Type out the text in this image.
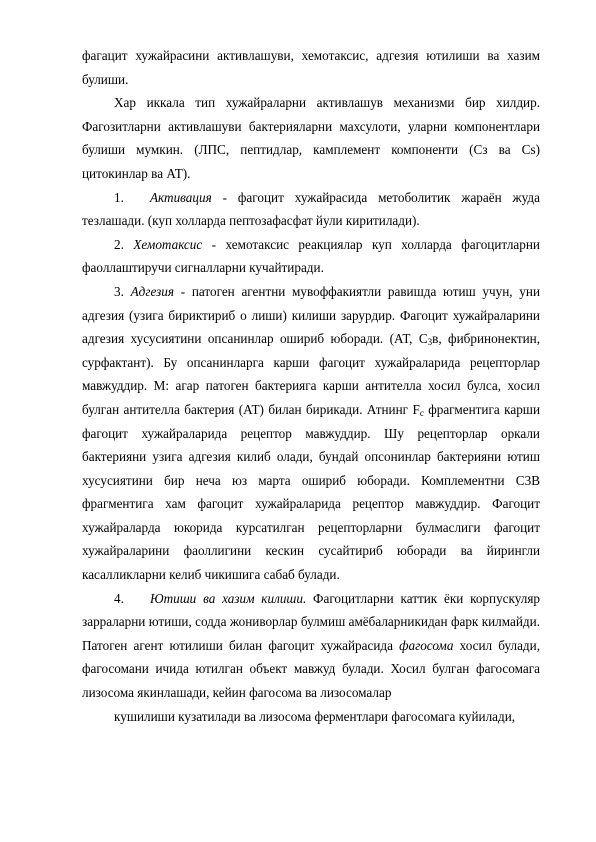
фагацит хужайрасини активлашуви, хемотаксис, адгезия ютилиши ва хазим булиши.

Хар иккала тип хужайраларни активлашув механизми бир хилдир. Фагозитларни активлашуви бактерияларни махсулоти, уларни компонентлари булиши мумкин. (ЛПС, пептидлар, камплемент компоненти (Сз ва Cs) цитокинлар ва АТ).

1. Активация - фагоцит хужайрасида метоболитик жараён жуда тезлашади. (куп холларда пептозафасфат йули киритилади).

2. Хемотаксис - хемотаксис реакциялар куп холларда фагоцитларни фаоллаштиручи сигналларни кучайтиради.

3. Адгезия - патоген агентни мувоффакиятли равишда ютиш учун, уни адгезия (узига бириктириб о лиши) килиши зарурдир. Фагоцит хужайраларини адгезия хусусиятини опсанинлар ошириб юборади. (АТ, $С_3в$, фибринонектин, сурфактант). Бу опсанинларга карши фагоцит хужайраларида рецепторлар мавжуддир. М: агар патоген бактерияга карши антителла хосил булса, хосил булган антителла бактерия (АТ) билан бирикади. Атнинг $F_c$ фрагментига карши фагоцит хужайраларида рецептор мавжуддир. Шу рецепторлар оркали бактерияни узига адгезия килиб олади, бундай опсонинлар бактерияни ютиш хусусиятини бир неча юз марта ошириб юборади. Комплементни С3В фрагментига хам фагоцит хужайраларида рецептор мавжуддир. Фагоцит хужайраларда юкорида курсатилган рецепторларни булмаслиги фагоцит хужайраларини фаоллигини кескин сусайтириб юборади ва йирингли касалликларни келиб чикишига сабаб булади.

4. Ютиши ва хазим килиши. Фагоцитларни каттик ёки корпускуляр зарраларни ютиши, содда жониворлар булмиш амёбаларникидан фарк килмайди. Патоген агент ютилиши билан фагоцит хужайрасида фагосома хосил булади, фагосомани ичида ютилган объект мавжуд булади. Хосил булган фагосомага лизосома якинлашади, кейин фагосома ва лизосомалар

кушилиши кузатилади ва лизосома ферментлари фагосомага куйилади,
